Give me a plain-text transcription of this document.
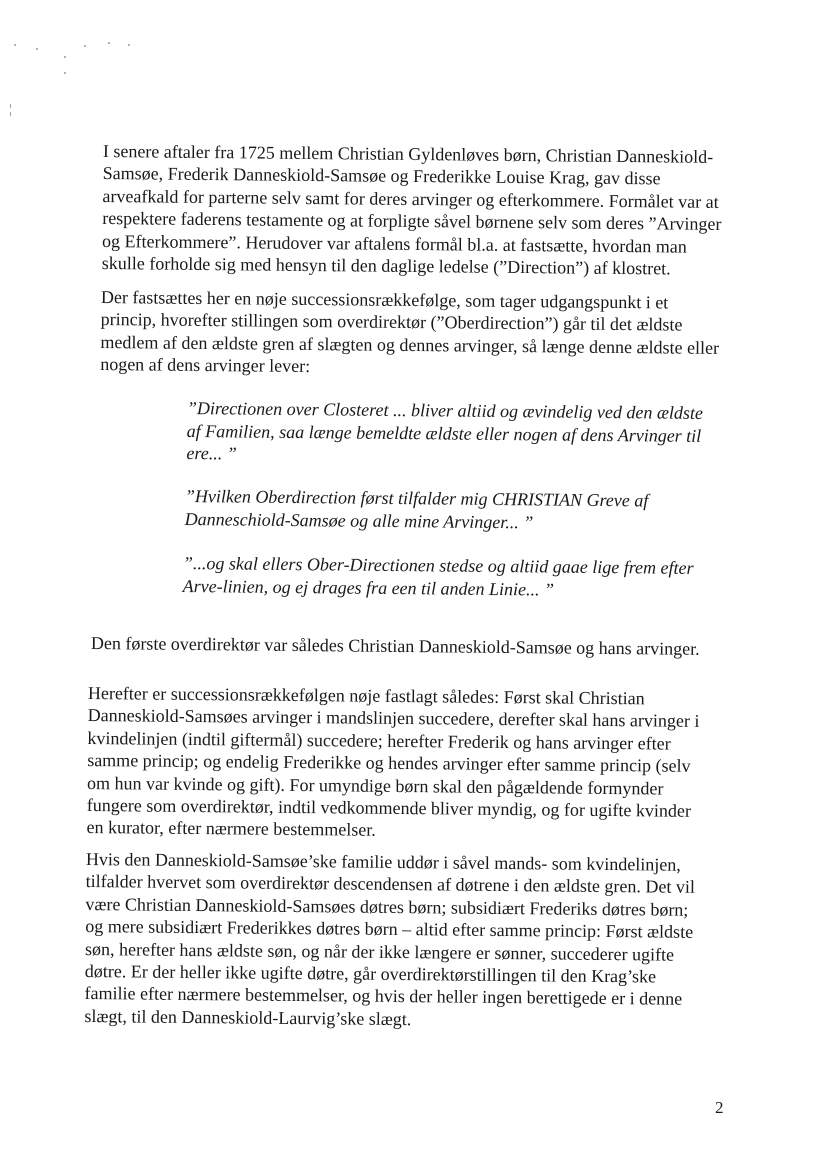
I senere aftaler fra 1725 mellem Christian Gyldenløves børn, Christian Danneskiold-
Samsøe, Frederik Danneskiold-Samsøe og Frederikke Louise Krag, gav disse
arveafkald for parterne selv samt for deres arvinger og efterkommere. Formålet var at
respektere faderens testamente og at forpligte såvel børnene selv som deres ”Arvinger
og Efterkommere”. Herudover var aftalens formål bl.a. at fastsætte, hvordan man
skulle forholde sig med hensyn til den daglige ledelse (”Direction”) af klostret.

Der fastsættes her en nøje successionsrækkefølge, som tager udgangspunkt i et
princip, hvorefter stillingen som overdirektør (”Oberdirection”) går til det ældste
medlem af den ældste gren af slægten og dennes arvinger, så længe denne ældste eller
nogen af dens arvinger lever:

”Directionen over Closteret ... bliver altiid og ævindelig ved den ældste
af Familien, saa længe bemeldte ældste eller nogen af dens Arvinger til
ere... ”

”Hvilken Oberdirection først tilfalder mig CHRISTIAN Greve af
Danneschiold-Samsøe og alle mine Arvinger... ”

”...og skal ellers Ober-Directionen stedse og altiid gaae lige frem efter
Arve-linien, og ej drages fra een til anden Linie... ”

Den første overdirektør var således Christian Danneskiold-Samsøe og hans arvinger.

Herefter er successionsrækkefølgen nøje fastlagt således: Først skal Christian
Danneskiold-Samsøes arvinger i mandslinjen succedere, derefter skal hans arvinger i
kvindelinjen (indtil giftermål) succedere; herefter Frederik og hans arvinger efter
samme princip; og endelig Frederikke og hendes arvinger efter samme princip (selv
om hun var kvinde og gift). For umyndige børn skal den pågældende formynder
fungere som overdirektør, indtil vedkommende bliver myndig, og for ugifte kvinder
en kurator, efter nærmere bestemmelser.

Hvis den Danneskiold-Samsøe’ske familie uddør i såvel mands- som kvindelinjen,
tilfalder hvervet som overdirektør descendensen af døtrene i den ældste gren. Det vil
være Christian Danneskiold-Samsøes døtres børn; subsidiært Frederiks døtres børn;
og mere subsidiært Frederikkes døtres børn – altid efter samme princip: Først ældste
søn, herefter hans ældste søn, og når der ikke længere er sønner, succederer ugifte
døtre. Er der heller ikke ugifte døtre, går overdirektørstillingen til den Krag’ske
familie efter nærmere bestemmelser, og hvis der heller ingen berettigede er i denne
slægt, til den Danneskiold-Laurvig’ske slægt.

2
